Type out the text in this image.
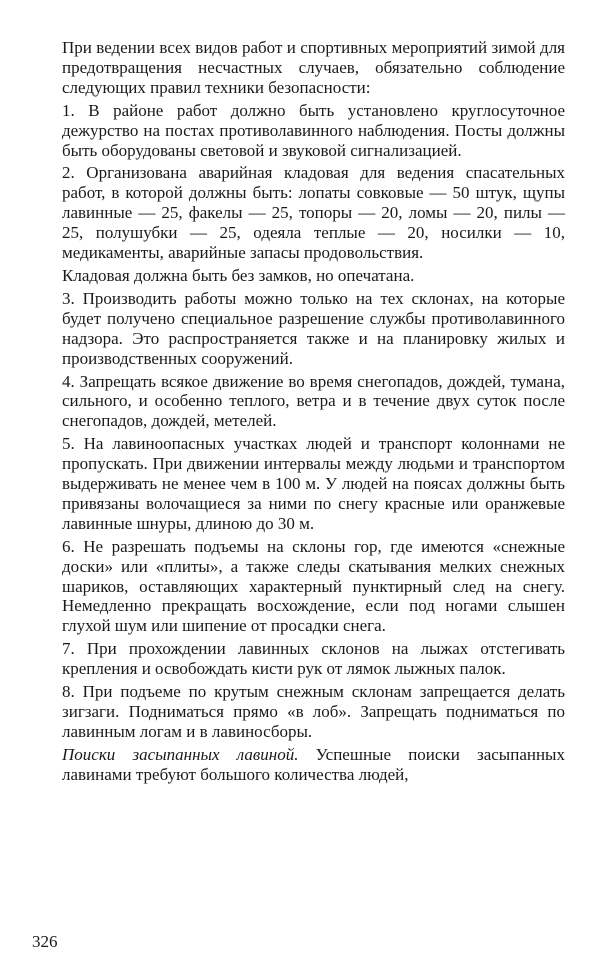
При ведении всех видов работ и спортивных мероприятий зимой для предотвращения несчастных случаев, обязательно соблюдение следующих правил техники безопасности:

1. В районе работ должно быть установлено круглосуточное дежурство на постах противолавинного наблюдения. Посты должны быть оборудованы световой и звуковой сигнализацией.

2. Организована аварийная кладовая для ведения спасательных работ, в которой должны быть: лопаты совковые — 50 штук, щупы лавинные — 25, факелы — 25, топоры — 20, ломы — 20, пилы — 25, полушубки — 25, одеяла теплые — 20, носилки — 10, медикаменты, аварийные запасы продовольствия.

Кладовая должна быть без замков, но опечатана.

3. Производить работы можно только на тех склонах, на которые будет получено специальное разрешение службы противолавинного надзора. Это распространяется также и на планировку жилых и производственных сооружений.

4. Запрещать всякое движение во время снегопадов, дождей, тумана, сильного, и особенно теплого, ветра и в течение двух суток после снегопадов, дождей, метелей.

5. На лавиноопасных участках людей и транспорт колоннами не пропускать. При движении интервалы между людьми и транспортом выдерживать не менее чем в 100 м. У людей на поясах должны быть привязаны волочащиеся за ними по снегу красные или оранжевые лавинные шнуры, длиною до 30 м.

6. Не разрешать подъемы на склоны гор, где имеются «снежные доски» или «плиты», а также следы скатывания мелких снежных шариков, оставляющих характерный пунктирный след на снегу. Немедленно прекращать восхождение, если под ногами слышен глухой шум или шипение от просадки снега.

7. При прохождении лавинных склонов на лыжах отстегивать крепления и освобождать кисти рук от лямок лыжных палок.

8. При подъеме по крутым снежным склонам запрещается делать зигзаги. Подниматься прямо «в лоб». Запрещать подниматься по лавинным логам и в лавиносборы.

Поиски засыпанных лавиной. Успешные поиски засыпанных лавинами требуют большого количества людей,

326
